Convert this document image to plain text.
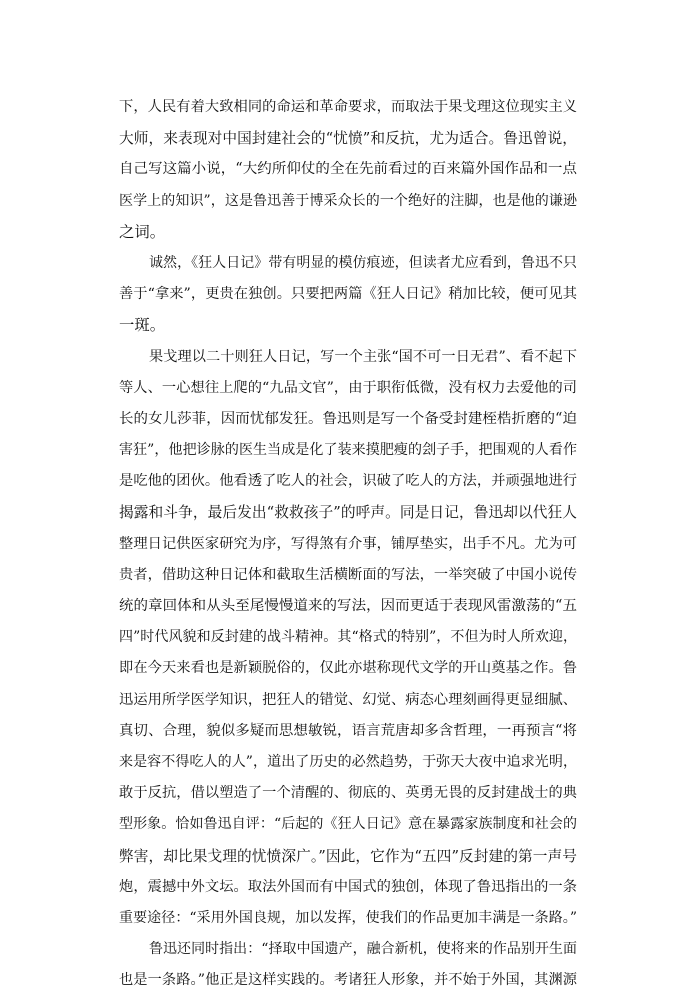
下，人民有着大致相同的命运和革命要求，而取法于果戈理这位现实主义
大师，来表现对中国封建社会的“忧愤”和反抗，尤为适合。鲁迅曾说，
自己写这篇小说，“大约所仰仗的全在先前看过的百来篇外国作品和一点
医学上的知识”，这是鲁迅善于博采众长的一个绝好的注脚，也是他的谦逊
之词。
诚然，《狂人日记》带有明显的模仿痕迹，但读者尤应看到，鲁迅不只
善于“拿来”，更贵在独创。只要把两篇《狂人日记》稍加比较，便可见其
一斑。
果戈理以二十则狂人日记，写一个主张“国不可一日无君”、看不起下
等人、一心想往上爬的“九品文官”，由于职衔低微，没有权力去爱他的司
长的女儿莎菲，因而忧郁发狂。鲁迅则是写一个备受封建桎梏折磨的“迫
害狂”，他把诊脉的医生当成是化了装来摸肥瘦的刽子手，把围观的人看作
是吃他的团伙。他看透了吃人的社会，识破了吃人的方法，并顽强地进行
揭露和斗争，最后发出“救救孩子”的呼声。同是日记，鲁迅却以代狂人
整理日记供医家研究为序，写得煞有介事，铺厚垫实，出手不凡。尤为可
贵者，借助这种日记体和截取生活横断面的写法，一举突破了中国小说传
统的章回体和从头至尾慢慢道来的写法，因而更适于表现风雷激荡的“五
四”时代风貌和反封建的战斗精神。其“格式的特别”，不但为时人所欢迎，
即在今天来看也是新颖脱俗的，仅此亦堪称现代文学的开山奠基之作。鲁
迅运用所学医学知识，把狂人的错觉、幻觉、病态心理刻画得更显细腻、
真切、合理，貌似多疑而思想敏锐，语言荒唐却多含哲理，一再预言“将
来是容不得吃人的人”，道出了历史的必然趋势，于弥天大夜中追求光明，
敢于反抗，借以塑造了一个清醒的、彻底的、英勇无畏的反封建战士的典
型形象。恰如鲁迅自评：“后起的《狂人日记》意在暴露家族制度和社会的
弊害，却比果戈理的忧愤深广。”因此，它作为“五四”反封建的第一声号
炮，震撼中外文坛。取法外国而有中国式的独创，体现了鲁迅指出的一条
重要途径：“采用外国良规，加以发挥，使我们的作品更加丰满是一条路。”
鲁迅还同时指出：“择取中国遗产，融合新机，使将来的作品别开生面
也是一条路。”他正是这样实践的。考诸狂人形象，并不始于外国，其渊源
